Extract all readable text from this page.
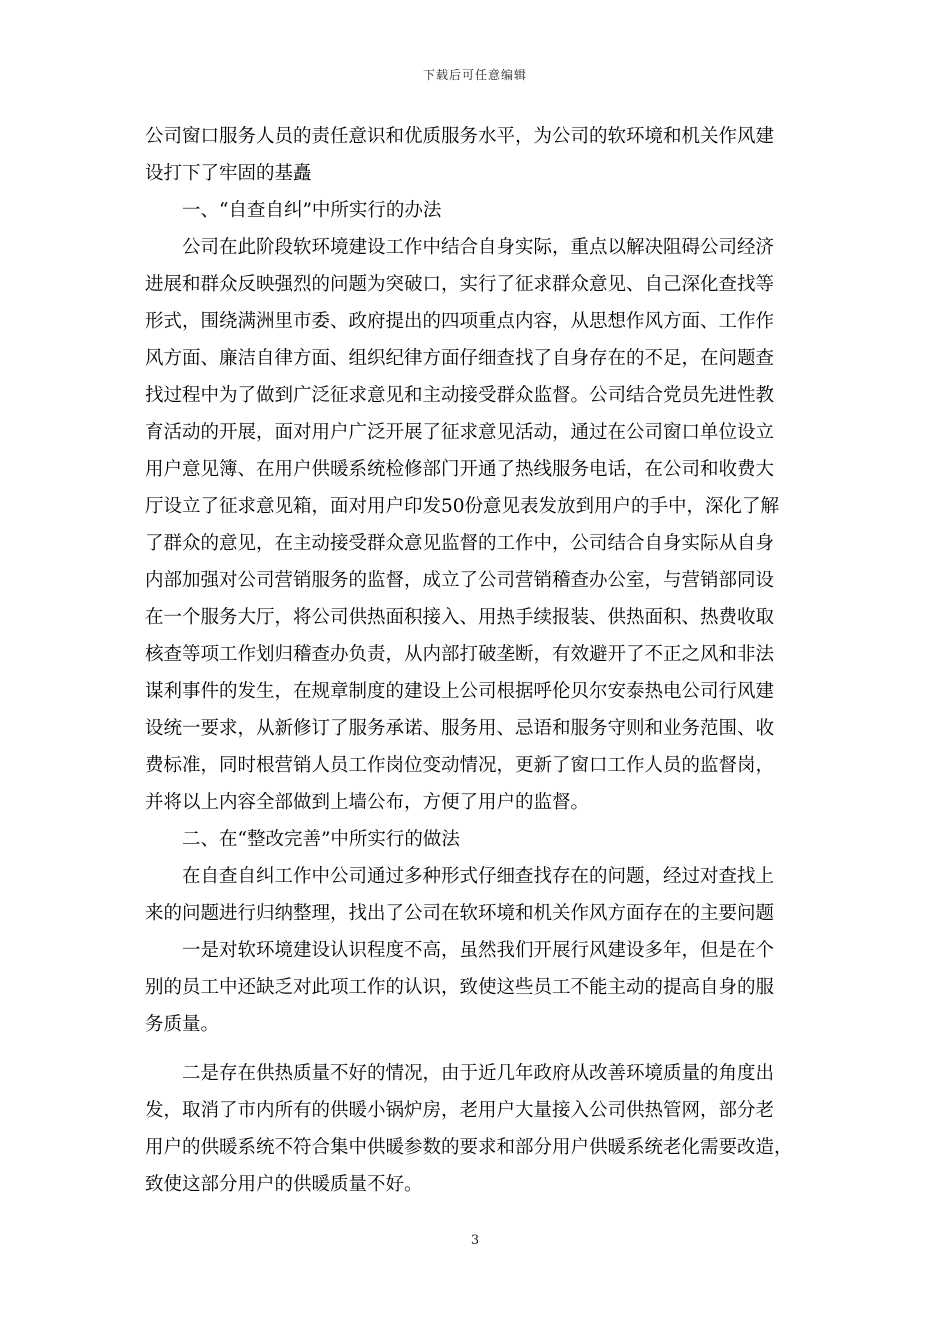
下载后可任意编辑
公司窗口服务人员的责任意识和优质服务水平，为公司的软环境和机关作风建
设打下了牢固的基矗
　　一、“自查自纠”中所实行的办法
　　公司在此阶段软环境建设工作中结合自身实际，重点以解决阻碍公司经济
进展和群众反映强烈的问题为突破口，实行了征求群众意见、自己深化查找等
形式，围绕满洲里市委、政府提出的四项重点内容，从思想作风方面、工作作
风方面、廉洁自律方面、组织纪律方面仔细查找了自身存在的不足，在问题查
找过程中为了做到广泛征求意见和主动接受群众监督。公司结合党员先进性教
育活动的开展，面对用户广泛开展了征求意见活动，通过在公司窗口单位设立
用户意见簿、在用户供暖系统检修部门开通了热线服务电话，在公司和收费大
厅设立了征求意见箱，面对用户印发50份意见表发放到用户的手中，深化了解
了群众的意见，在主动接受群众意见监督的工作中，公司结合自身实际从自身
内部加强对公司营销服务的监督，成立了公司营销稽查办公室，与营销部同设
在一个服务大厅，将公司供热面积接入、用热手续报装、供热面积、热费收取
核查等项工作划归稽查办负责，从内部打破垄断，有效避开了不正之风和非法
谋利事件的发生，在规章制度的建设上公司根据呼伦贝尔安泰热电公司行风建
设统一要求，从新修订了服务承诺、服务用、忌语和服务守则和业务范围、收
费标准，同时根营销人员工作岗位变动情况，更新了窗口工作人员的监督岗，
并将以上内容全部做到上墙公布，方便了用户的监督。
　　二、在“整改完善”中所实行的做法
　　在自查自纠工作中公司通过多种形式仔细查找存在的问题，经过对查找上
来的问题进行归纳整理，找出了公司在软环境和机关作风方面存在的主要问题
　　一是对软环境建设认识程度不高，虽然我们开展行风建设多年，但是在个
别的员工中还缺乏对此项工作的认识，致使这些员工不能主动的提高自身的服
务质量。
　　二是存在供热质量不好的情况，由于近几年政府从改善环境质量的角度出
发，取消了市内所有的供暖小锅炉房，老用户大量接入公司供热管网，部分老
用户的供暖系统不符合集中供暖参数的要求和部分用户供暖系统老化需要改造，
致使这部分用户的供暖质量不好。
3
